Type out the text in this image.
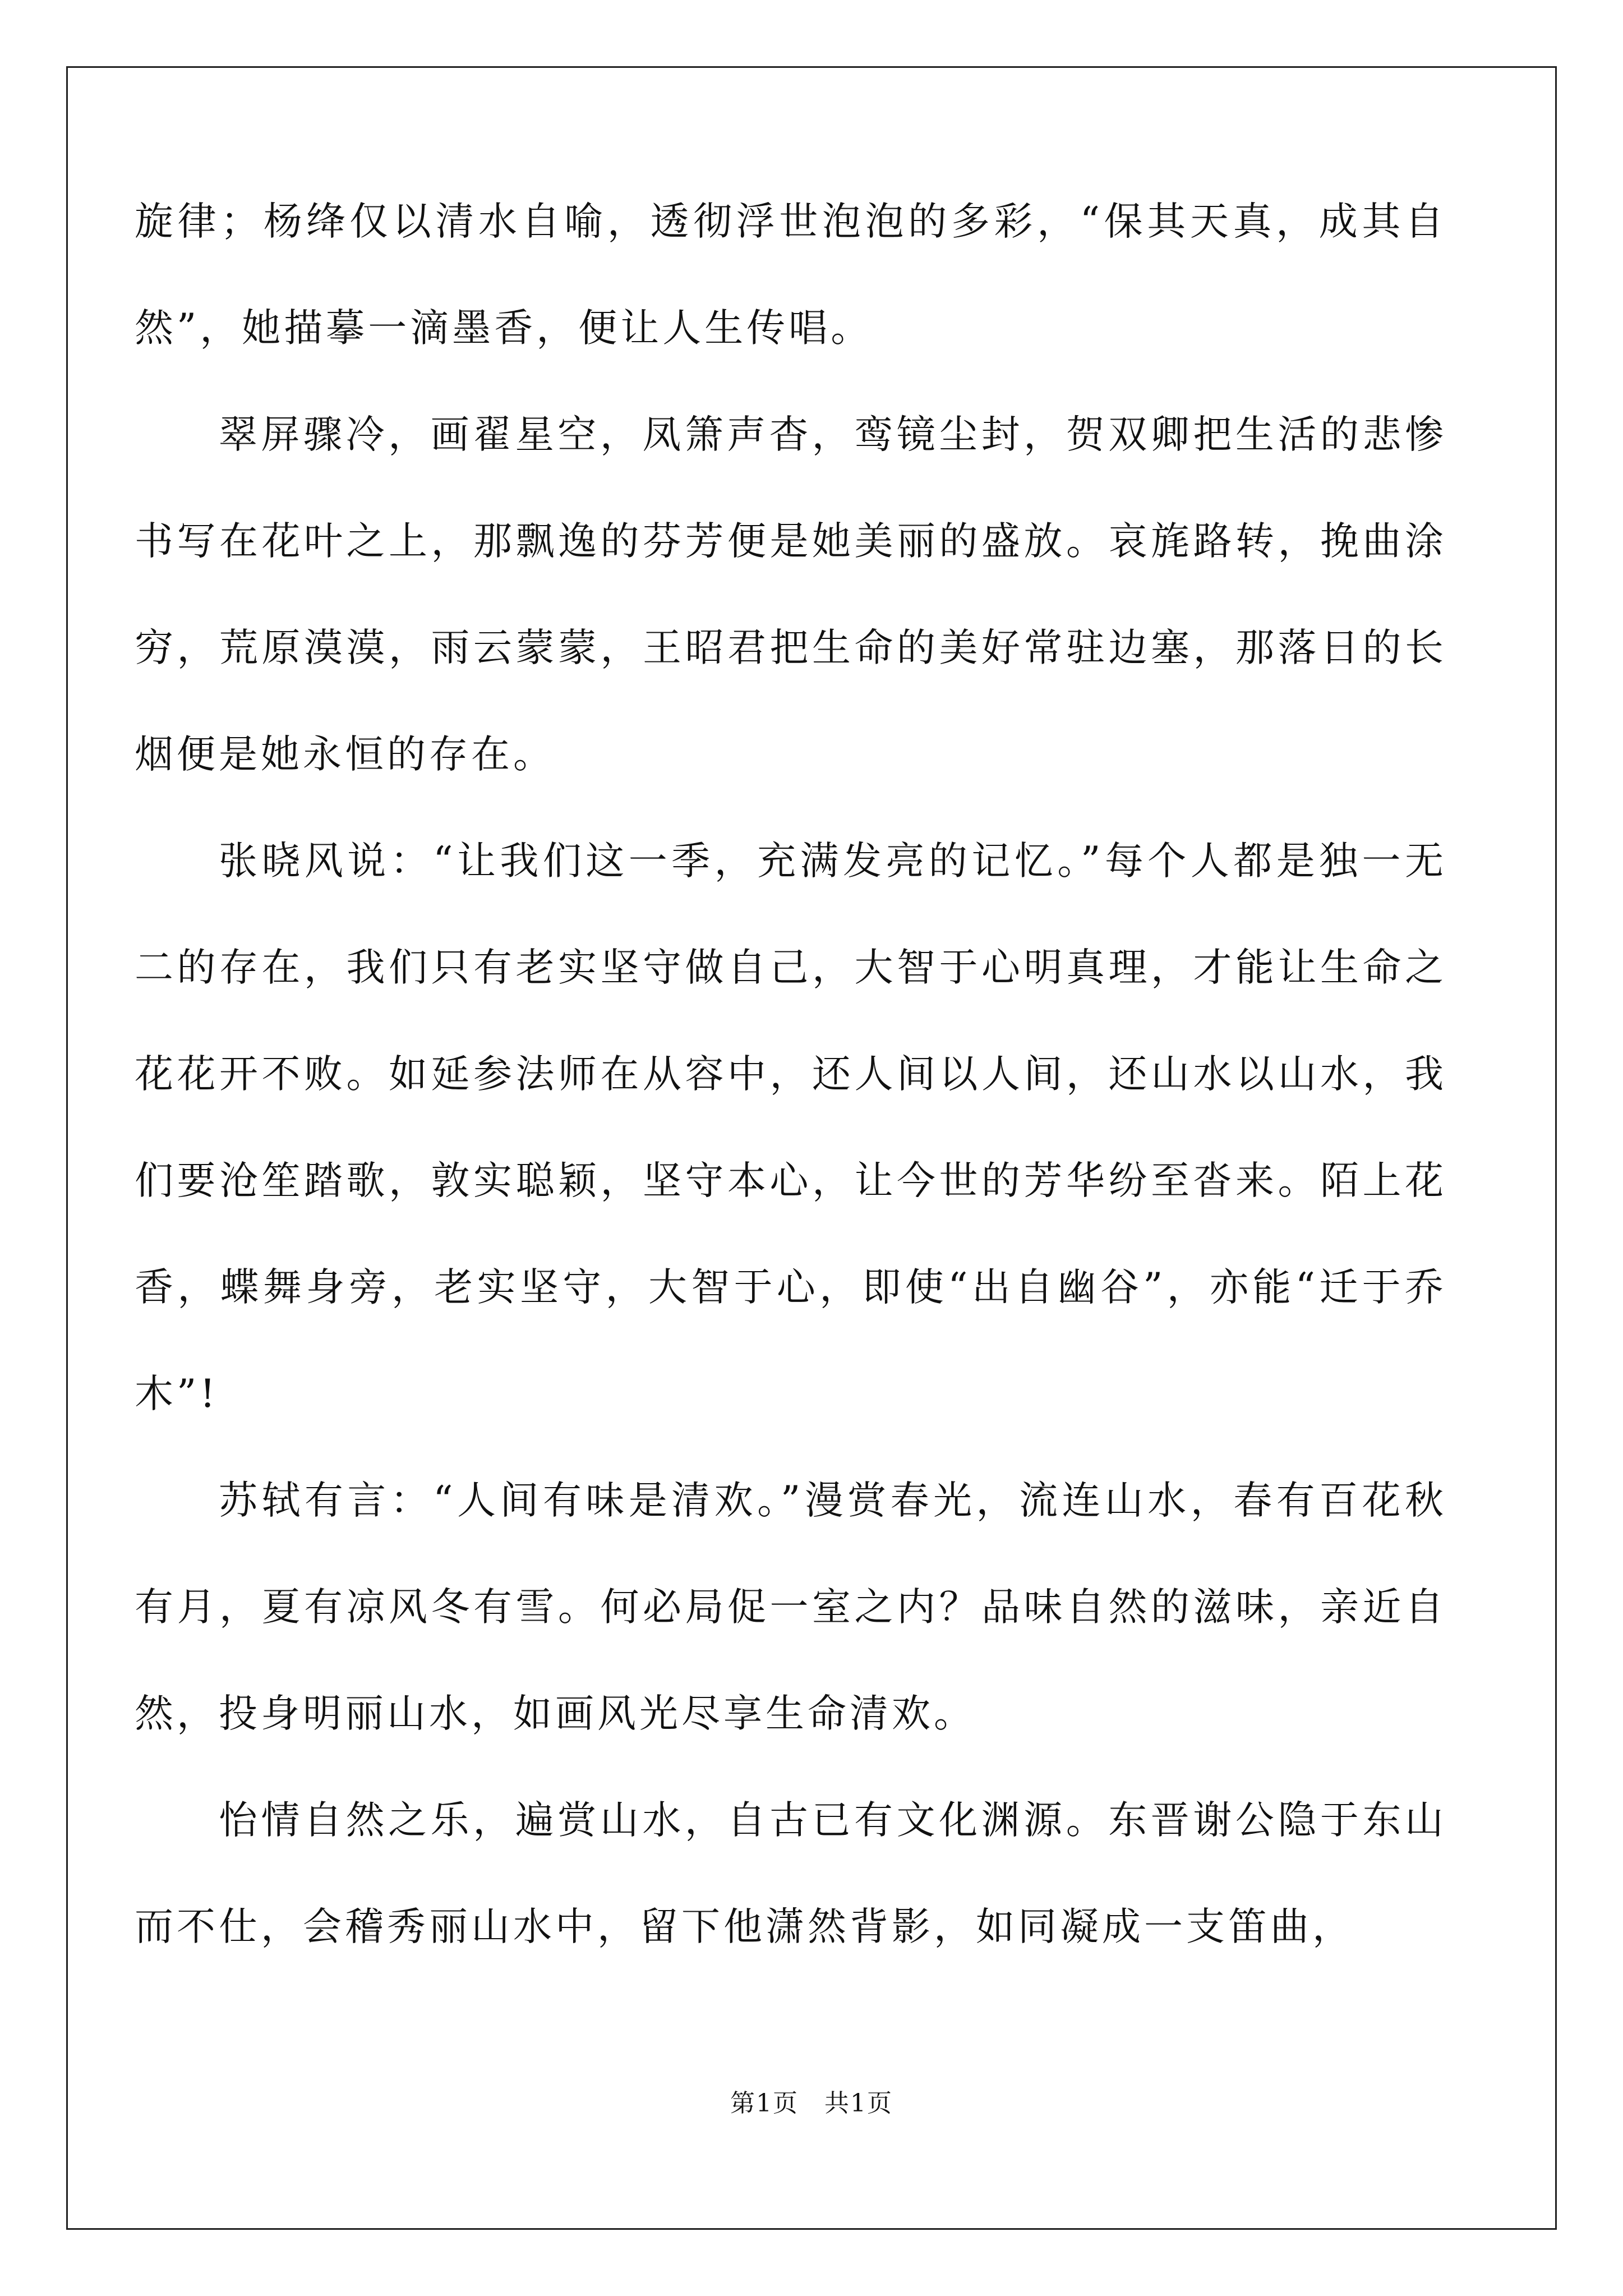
旋律；杨绛仅以清水自喻，透彻浮世泡泡的多彩，“保其天真，成其自然”，她描摹一滴墨香，便让人生传唱。

翠屏骤冷，画翟星空，凤箫声杳，鸾镜尘封，贺双卿把生活的悲惨书写在花叶之上，那飘逸的芬芳便是她美丽的盛放。哀旄路转，挽曲涂穷，荒原漠漠，雨云蒙蒙，王昭君把生命的美好常驻边塞，那落日的长烟便是她永恒的存在。

张晓风说：“让我们这一季，充满发亮的记忆。”每个人都是独一无二的存在，我们只有老实坚守做自己，大智于心明真理，才能让生命之花花开不败。如延参法师在从容中，还人间以人间，还山水以山水，我们要沧笙踏歌，敦实聪颖，坚守本心，让今世的芳华纷至沓来。陌上花香，蝶舞身旁，老实坚守，大智于心，即使“出自幽谷”，亦能“迁于乔木”!

苏轼有言：“人间有味是清欢。”漫赏春光，流连山水，春有百花秋有月，夏有凉风冬有雪。何必局促一室之内？品味自然的滋味，亲近自然，投身明丽山水，如画风光尽享生命清欢。

怡情自然之乐，遍赏山水，自古已有文化渊源。东晋谢公隐于东山而不仕，会稽秀丽山水中，留下他潇然背影，如同凝成一支笛曲，

第1页　共1页
